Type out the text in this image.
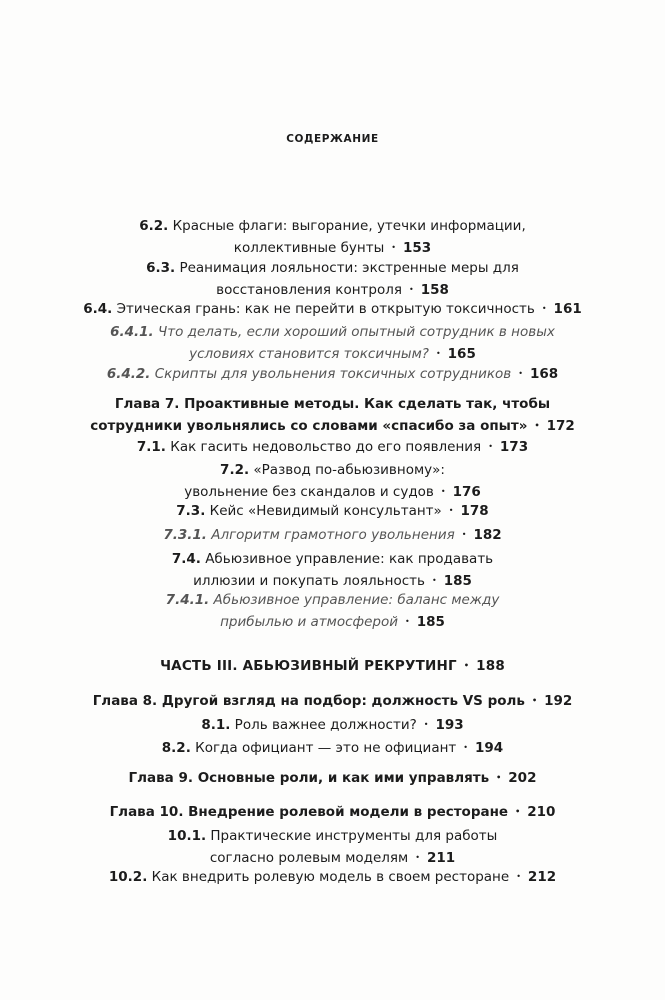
СОДЕРЖАНИЕ
6.2. Красные флаги: выгорание, утечки информации,
коллективные бунты • 153
6.3. Реанимация лояльности: экстренные меры для
восстановления контроля • 158
6.4. Этическая грань: как не перейти в открытую токсичность • 161
6.4.1. Что делать, если хороший опытный сотрудник в новых
условиях становится токсичным? • 165
6.4.2. Скрипты для увольнения токсичных сотрудников • 168
Глава 7. Проактивные методы. Как сделать так, чтобы
сотрудники увольнялись со словами «спасибо за опыт» • 172
7.1. Как гасить недовольство до его появления • 173
7.2. «Развод по-абьюзивному»:
увольнение без скандалов и судов • 176
7.3. Кейс «Невидимый консультант» • 178
7.3.1. Алгоритм грамотного увольнения • 182
7.4. Абьюзивное управление: как продавать
иллюзии и покупать лояльность • 185
7.4.1. Абьюзивное управление: баланс между
прибылью и атмосферой • 185
ЧАСТЬ III. АБЬЮЗИВНЫЙ РЕКРУТИНГ • 188
Глава 8. Другой взгляд на подбор: должность VS роль • 192
8.1. Роль важнее должности? • 193
8.2. Когда официант — это не официант • 194
Глава 9. Основные роли, и как ими управлять • 202
Глава 10. Внедрение ролевой модели в ресторане • 210
10.1. Практические инструменты для работы
согласно ролевым моделям • 211
10.2. Как внедрить ролевую модель в своем ресторане • 212
